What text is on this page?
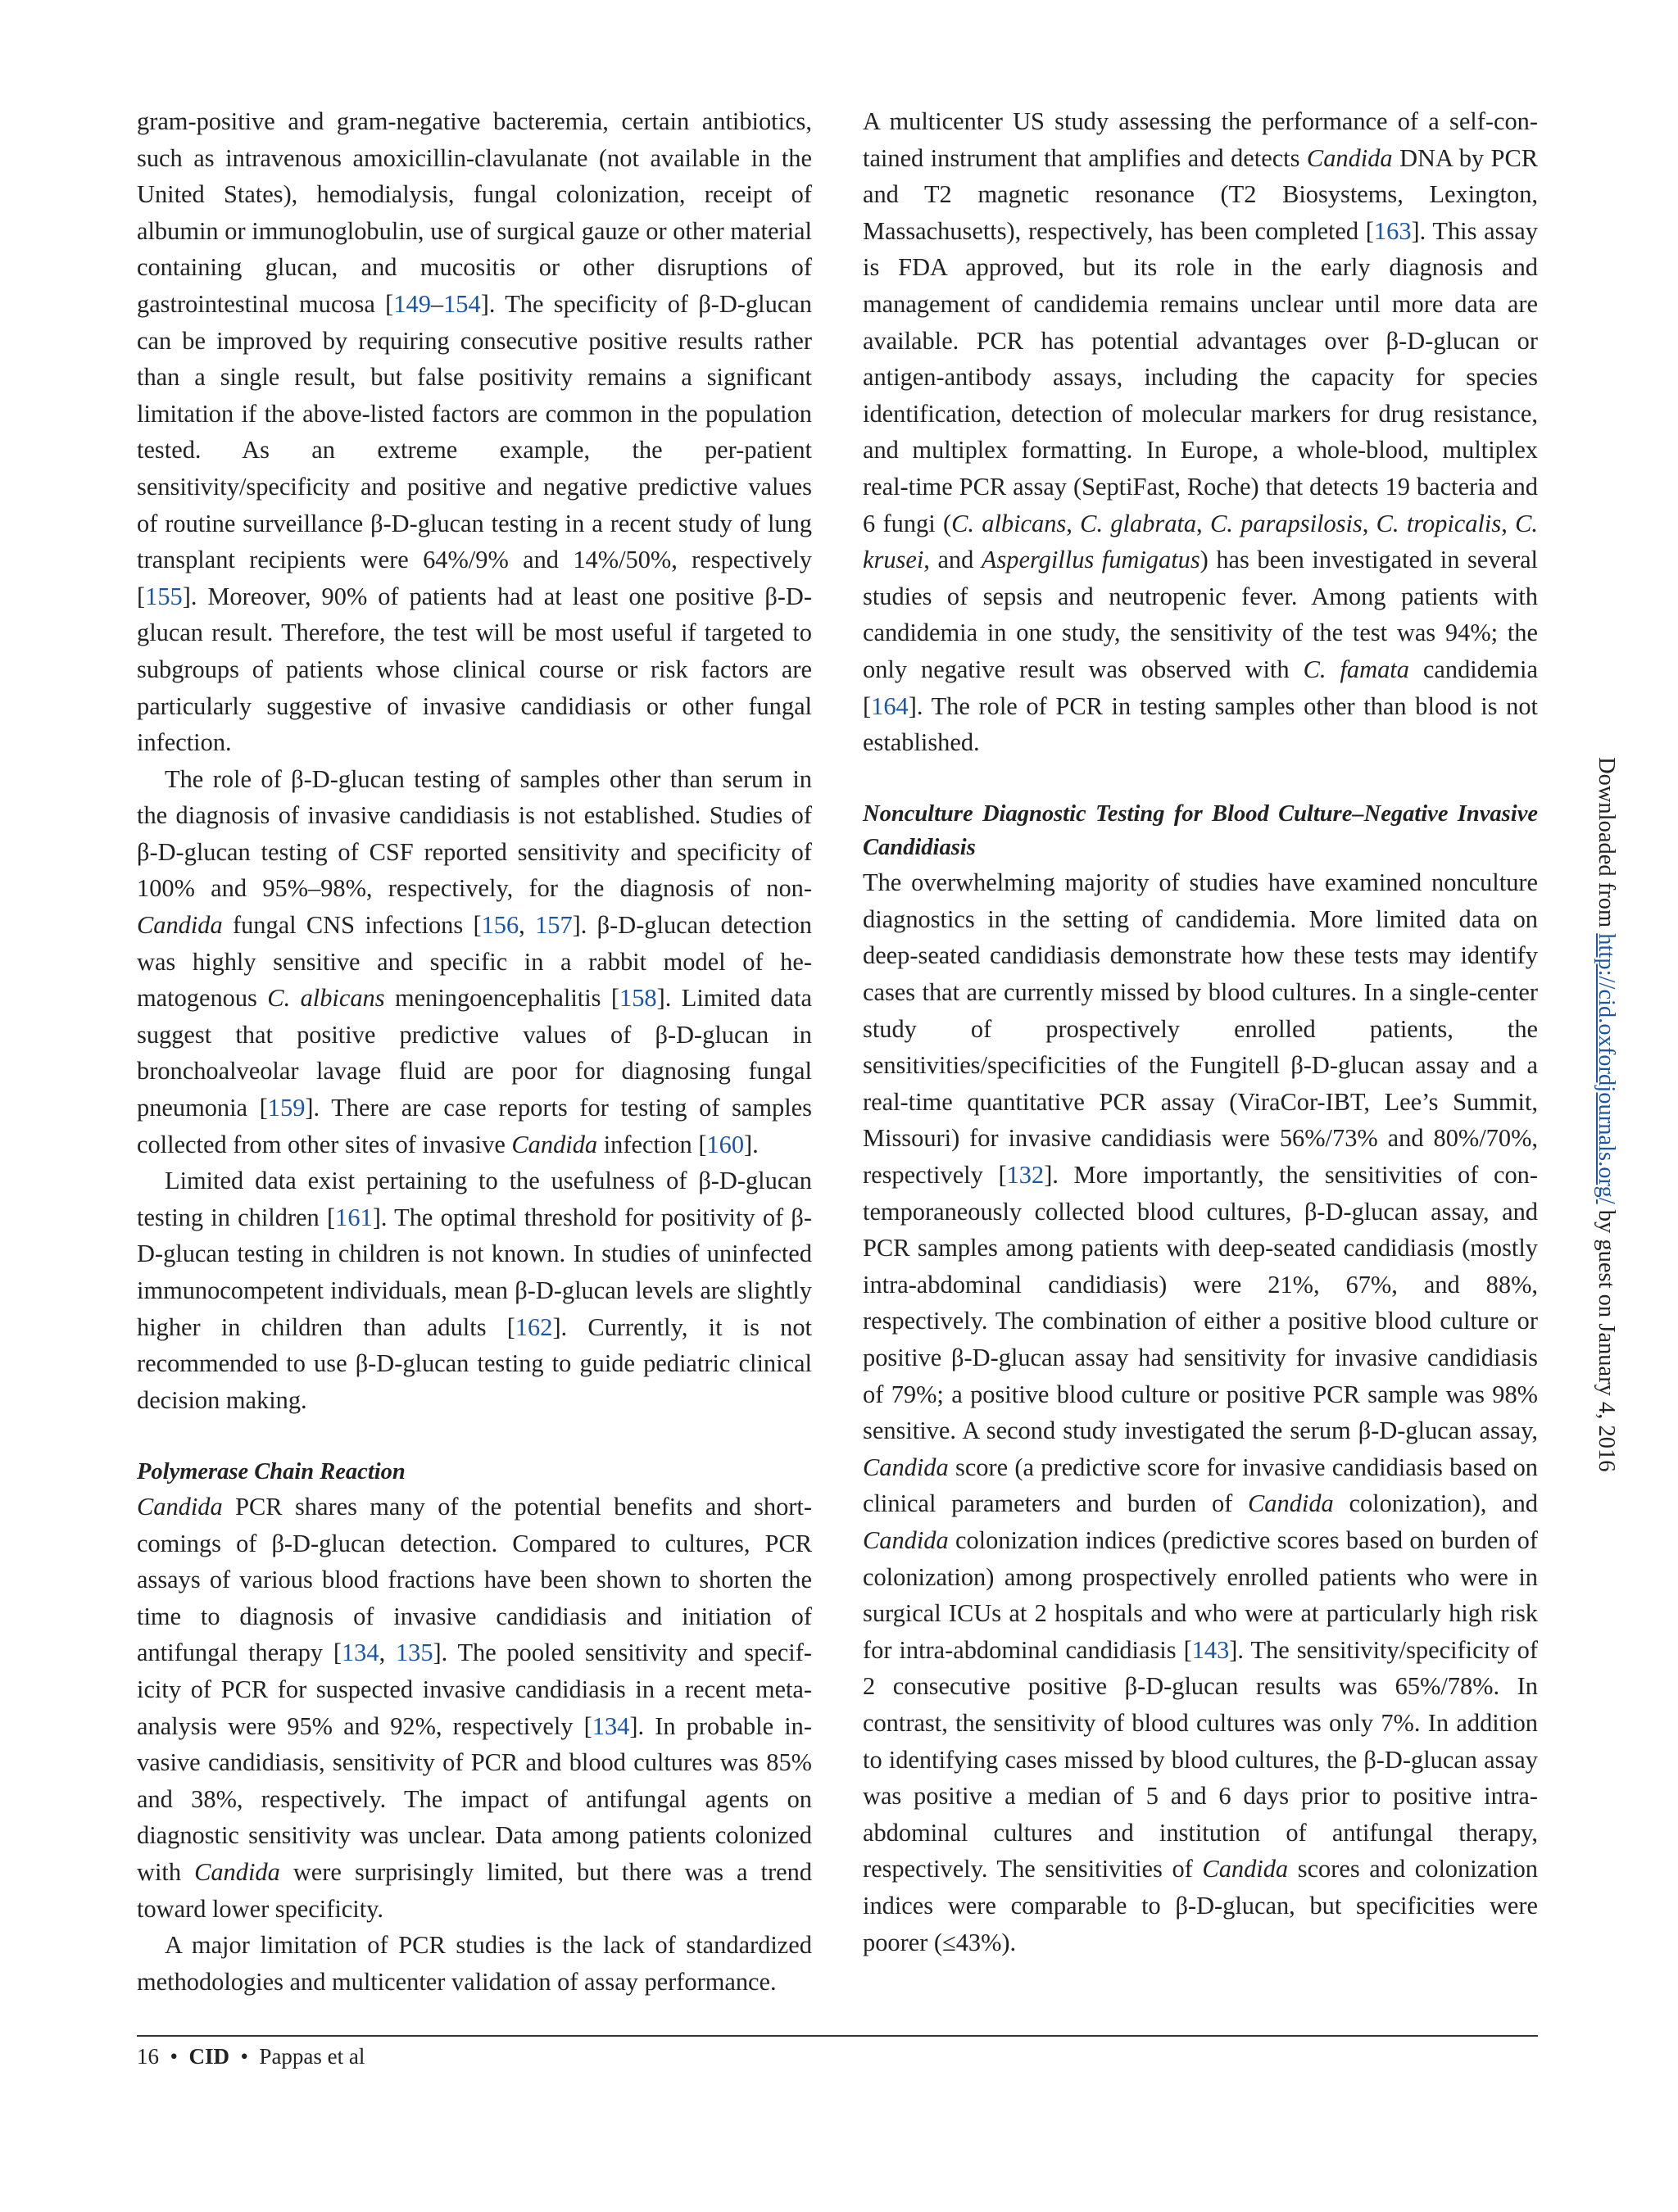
gram-positive and gram-negative bacteremia, certain antibiotics, such as intravenous amoxicillin-clavulanate (not available in the United States), hemodialysis, fungal colonization, receipt of albumin or immunoglobulin, use of surgical gauze or other material containing glucan, and mucositis or other disruptions of gastrointestinal mucosa [149–154]. The specificity of β-D-glucan can be improved by requiring consecutive positive results rather than a single result, but false positivity remains a significant limitation if the above-listed factors are common in the population tested. As an extreme example, the per-patient sensitivity/specificity and positive and negative predictive values of routine surveillance β-D-glucan testing in a recent study of lung transplant recipients were 64%/9% and 14%/50%, respectively [155]. Moreover, 90% of patients had at least one positive β-D-glucan result. Therefore, the test will be most useful if targeted to subgroups of patients whose clinical course or risk factors are particularly suggestive of invasive candidiasis or other fungal infection.

The role of β-D-glucan testing of samples other than serum in the diagnosis of invasive candidiasis is not established. Studies of β-D-glucan testing of CSF reported sensitivity and specificity of 100% and 95%–98%, respectively, for the diagnosis of non-Candida fungal CNS infections [156, 157]. β-D-glucan detection was highly sensitive and specific in a rabbit model of hematogenous C. albicans meningoencephalitis [158]. Limited data suggest that positive predictive values of β-D-glucan in bronchoalveolar lavage fluid are poor for diagnosing fungal pneumonia [159]. There are case reports for testing of samples collected from other sites of invasive Candida infection [160].

Limited data exist pertaining to the usefulness of β-D-glucan testing in children [161]. The optimal threshold for positivity of β-D-glucan testing in children is not known. In studies of uninfected immunocompetent individuals, mean β-D-glucan levels are slightly higher in children than adults [162]. Currently, it is not recommended to use β-D-glucan testing to guide pediatric clinical decision making.

Polymerase Chain Reaction

Candida PCR shares many of the potential benefits and shortcomings of β-D-glucan detection. Compared to cultures, PCR assays of various blood fractions have been shown to shorten the time to diagnosis of invasive candidiasis and initiation of antifungal therapy [134, 135]. The pooled sensitivity and specificity of PCR for suspected invasive candidiasis in a recent meta-analysis were 95% and 92%, respectively [134]. In probable invasive candidiasis, sensitivity of PCR and blood cultures was 85% and 38%, respectively. The impact of antifungal agents on diagnostic sensitivity was unclear. Data among patients colonized with Candida were surprisingly limited, but there was a trend toward lower specificity.

A major limitation of PCR studies is the lack of standardized methodologies and multicenter validation of assay performance.

A multicenter US study assessing the performance of a self-contained instrument that amplifies and detects Candida DNA by PCR and T2 magnetic resonance (T2 Biosystems, Lexington, Massachusetts), respectively, has been completed [163]. This assay is FDA approved, but its role in the early diagnosis and management of candidemia remains unclear until more data are available. PCR has potential advantages over β-D-glucan or antigen-antibody assays, including the capacity for species identification, detection of molecular markers for drug resistance, and multiplex formatting. In Europe, a whole-blood, multiplex real-time PCR assay (SeptiFast, Roche) that detects 19 bacteria and 6 fungi (C. albicans, C. glabrata, C. parapsilosis, C. tropicalis, C. krusei, and Aspergillus fumigatus) has been investigated in several studies of sepsis and neutropenic fever. Among patients with candidemia in one study, the sensitivity of the test was 94%; the only negative result was observed with C. famata candidemia [164]. The role of PCR in testing samples other than blood is not established.

Nonculture Diagnostic Testing for Blood Culture–Negative Invasive Candidiasis

The overwhelming majority of studies have examined nonculture diagnostics in the setting of candidemia. More limited data on deep-seated candidiasis demonstrate how these tests may identify cases that are currently missed by blood cultures. In a single-center study of prospectively enrolled patients, the sensitivities/specificities of the Fungitell β-D-glucan assay and a real-time quantitative PCR assay (ViraCor-IBT, Lee’s Summit, Missouri) for invasive candidiasis were 56%/73% and 80%/70%, respectively [132]. More importantly, the sensitivities of contemporaneously collected blood cultures, β-D-glucan assay, and PCR samples among patients with deep-seated candidiasis (mostly intra-abdominal candidiasis) were 21%, 67%, and 88%, respectively. The combination of either a positive blood culture or positive β-D-glucan assay had sensitivity for invasive candidiasis of 79%; a positive blood culture or positive PCR sample was 98% sensitive. A second study investigated the serum β-D-glucan assay, Candida score (a predictive score for invasive candidiasis based on clinical parameters and burden of Candida colonization), and Candida colonization indices (predictive scores based on burden of colonization) among prospectively enrolled patients who were in surgical ICUs at 2 hospitals and who were at particularly high risk for intra-abdominal candidiasis [143]. The sensitivity/specificity of 2 consecutive positive β-D-glucan results was 65%/78%. In contrast, the sensitivity of blood cultures was only 7%. In addition to identifying cases missed by blood cultures, the β-D-glucan assay was positive a median of 5 and 6 days prior to positive intra-abdominal cultures and institution of antifungal therapy, respectively. The sensitivities of Candida scores and colonization indices were comparable to β-D-glucan, but specificities were poorer (≤43%).

16 • CID • Pappas et al
Downloaded from http://cid.oxfordjournals.org/ by guest on January 4, 2016
